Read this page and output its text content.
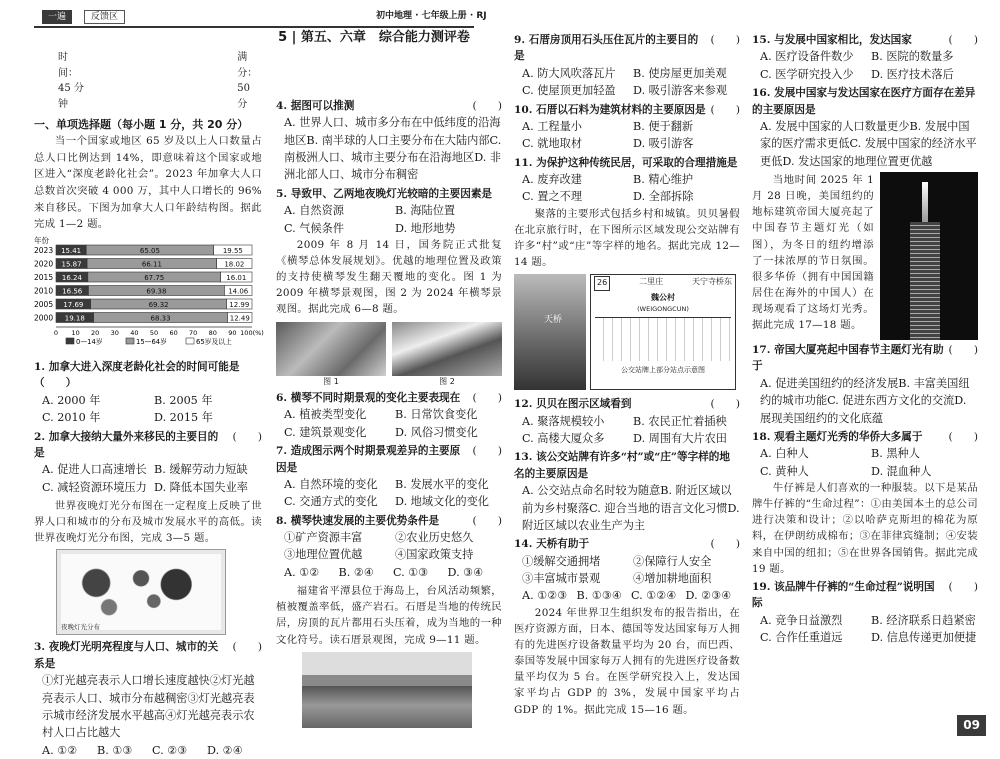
一遍	反馈区	初中地理 · 七年级上册 · RJ
5 | 第五、六章　综合能力测评卷
时间：45 分钟
满分：50 分
一、单项选择题（每小题 1 分，共 20 分）
当一个国家或地区 65 岁及以上人口数量占总人口比例达到 14%，即意味着这个国家或地区进入“深度老龄化社会”。2023 年加拿大人口总数首次突破 4 000 万，其中人口增长的 96% 来自移民。下图为加拿大人口年龄结构图。据此完成 1—2 题。
年份
2023 15.41	65.05	19.55
2020 15.87	66.11	18.02
2015 16.24	67.75	16.01
2010 16.56	69.38	14.06
2005 17.69	69.32	12.99
2000 19.18	68.33	12.49
0 10 20 30 40 50 60 70 80 90 100(%)
0—14岁	15—64岁	65岁及以上
1. 加拿大进入深度老龄化社会的时间可能是（　　）
A. 2000 年	B. 2005 年
C. 2010 年	D. 2015 年
2. 加拿大接纳大量外来移民的主要目的是
(　　)
A. 促进人口高速增长 B. 缓解劳动力短缺
C. 减轻资源环境压力 D. 降低本国失业率
世界夜晚灯光分布图在一定程度上反映了世界人口和城市的分布及城市发展水平的高低。读世界夜晚灯光分布图，完成 3—5 题。
夜晚灯光分布
3. 夜晚灯光明亮程度与人口、城市的关系是
(　　)
①灯光越亮表示人口增长速度越快②灯光越亮表示人口、城市分布越稠密③灯光越亮表示城市经济发展水平越高④灯光越亮表示农村人口占比越大
A. ①②	B. ①③	C. ②③	D. ②④
4. 据图可以推测	(　　)
A. 世界人口、城市多分布在中低纬度的沿海地区B. 南半球的人口主要分布在大陆内部C. 南极洲人口、城市主要分布在沿海地区D. 非洲北部人口、城市分布稠密
5. 导致甲、乙两地夜晚灯光较暗的主要因素是
A. 自然资源	B. 海陆位置
C. 气候条件	D. 地形地势
2009 年 8 月 14 日，国务院正式批复《横琴总体发展规划》。优越的地理位置及政策的支持使横琴发生翻天覆地的变化。图 1 为 2009 年横琴景观图，图 2 为 2024 年横琴景观图。据此完成 6—8 题。
图 1	图 2
6. 横琴不同时期景观的变化主要表现在 (　　)
A. 植被类型变化	B. 日常饮食变化
C. 建筑景观变化	D. 风俗习惯变化
7. 造成图示两个时期景观差异的主要原因是
(　　)
A. 自然环境的变化	B. 发展水平的变化
C. 交通方式的变化	D. 地域文化的变化
8. 横琴快速发展的主要优势条件是	(　　)
①矿产资源丰富	②农业历史悠久
③地理位置优越	④国家政策支持
A. ①②	B. ②④	C. ①③	D. ③④
福建省平潭县位于海岛上，台风活动频繁，植被覆盖率低，盛产岩石。石厝是当地的传统民居，房顶的瓦片都用石头压着，成为当地的一种文化符号。读石厝景观图，完成 9—11 题。
9. 石厝房顶用石头压住瓦片的主要目的是
(　　)
A. 防大风吹落瓦片	B. 使房屋更加美观
C. 使屋顶更加轻盈	D. 吸引游客来参观
10. 石厝以石料为建筑材料的主要原因是 (　　)
A. 工程量小	B. 便于翻新
C. 就地取材	D. 吸引游客
11. 为保护这种传统民居，可采取的合理措施是
A. 废弃改建	B. 精心维护
C. 置之不理	D. 全部拆除
聚落的主要形式包括乡村和城镇。贝贝暑假在北京旅行时，在下图所示区域发现公交站牌有许多“村”或“庄”等字样的地名。据此完成 12—14 题。
天桥
26	二里庄	天宁寺桥东
魏公村
(WEIGONGCUN)
公交站牌上部分站点示意图
12. 贝贝在图示区域看到	(　　)
A. 聚落规模较小	B. 农民正忙着插秧
C. 高楼大厦众多	D. 周围有大片农田
13. 该公交站牌有许多“村”或“庄”等字样的地名的主要原因是
A. 公交站点命名时较为随意B. 附近区域以前为乡村聚落C. 迎合当地的语言文化习惯D. 附近区域以农业生产为主
14. 天桥有助于	(　　)
①缓解交通拥堵	②保障行人安全
③丰富城市景观	④增加耕地面积
A. ①②③ B. ①③④ C. ①②④ D. ②③④
2024 年世界卫生组织发布的报告指出，在医疗资源方面，日本、德国等发达国家每万人拥有的先进医疗设备数量平均为 20 台，而巴西、泰国等发展中国家每万人拥有的先进医疗设备数量平均仅为 5 台。在医学研究投入上，发达国家平均占 GDP 的 3%，发展中国家平均占 GDP 的 1%。据此完成 15—16 题。
15. 与发展中国家相比，发达国家	(　　)
A. 医疗设备件数少	B. 医院的数量多
C. 医学研究投入少	D. 医疗技术落后
16. 发展中国家与发达国家在医疗方面存在差异的主要原因是
A. 发展中国家的人口数量更少B. 发展中国家的医疗需求更低C. 发展中国家的经济水平更低D. 发达国家的地理位置更优越
当地时间 2025 年 1 月 28 日晚，美国纽约的地标建筑帝国大厦亮起了中国春节主题灯光（如图），为冬日的纽约增添了一抹浓厚的节日氛围。很多华侨（拥有中国国籍居住在海外的中国人）在现场观看了这场灯光秀。据此完成 17—18 题。
17. 帝国大厦亮起中国春节主题灯光有助于
(　　)
A. 促进美国纽约的经济发展B. 丰富美国纽约的城市功能C. 促进东西方文化的交流D. 展现美国纽约的文化底蕴
18. 观看主题灯光秀的华侨大多属于 (　　)
A. 白种人	B. 黑种人
C. 黄种人	D. 混血种人
牛仔裤是人们喜欢的一种服装。以下是某品牌牛仔裤的“生命过程”：①由美国本土的总公司进行决策和设计；②以哈萨克斯坦的棉花为原料，在伊朗纺成棉布；③在菲律宾缝制；④安装来自中国的纽扣；⑤在世界各国销售。据此完成 19 题。
19. 该品牌牛仔裤的“生命过程”说明国际
(　　)
A. 竞争日益激烈	B. 经济联系日趋紧密
C. 合作任重道远	D. 信息传递更加便捷
09
